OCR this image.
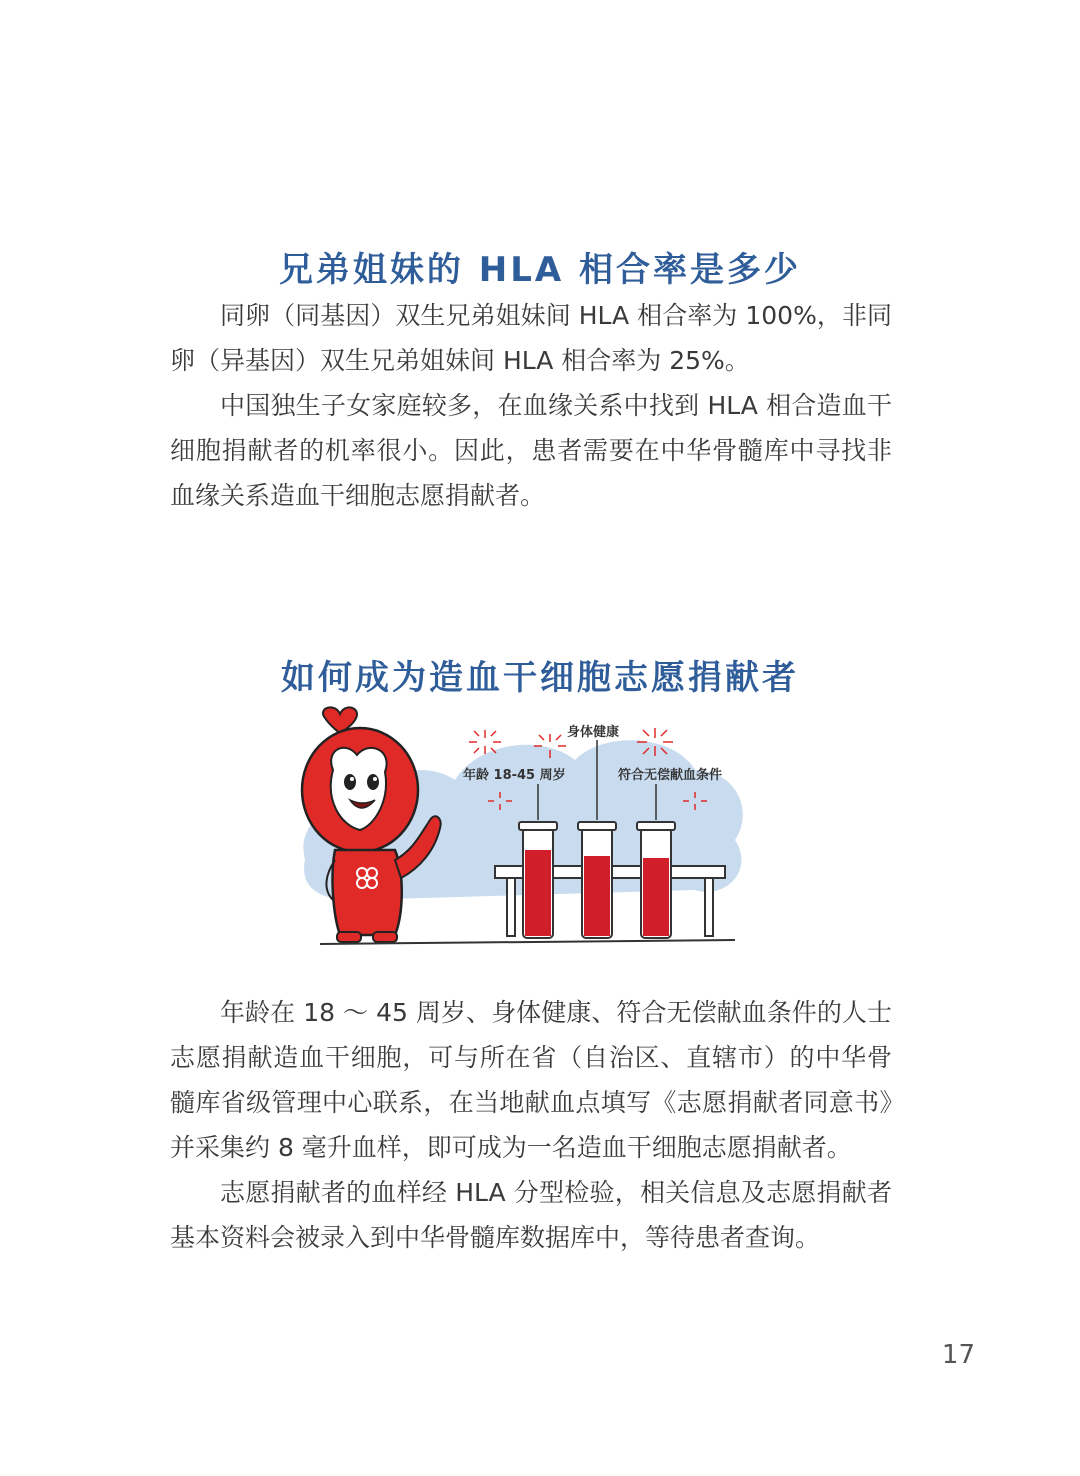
兄弟姐妹的 HLA 相合率是多少

同卵（同基因）双生兄弟姐妹间 HLA 相合率为 100%，非同卵（异基因）双生兄弟姐妹间 HLA 相合率为 25%。

中国独生子女家庭较多，在血缘关系中找到 HLA 相合造血干细胞捐献者的机率很小。因此，患者需要在中华骨髓库中寻找非血缘关系造血干细胞志愿捐献者。

如何成为造血干细胞志愿捐献者
年龄 18-45 周岁
身体健康
符合无偿献血条件

年龄在 18 ～ 45 周岁、身体健康、符合无偿献血条件的人士志愿捐献造血干细胞，可与所在省（自治区、直辖市）的中华骨髓库省级管理中心联系，在当地献血点填写《志愿捐献者同意书》并采集约 8 毫升血样，即可成为一名造血干细胞志愿捐献者。

志愿捐献者的血样经 HLA 分型检验，相关信息及志愿捐献者基本资料会被录入到中华骨髓库数据库中，等待患者查询。

17
